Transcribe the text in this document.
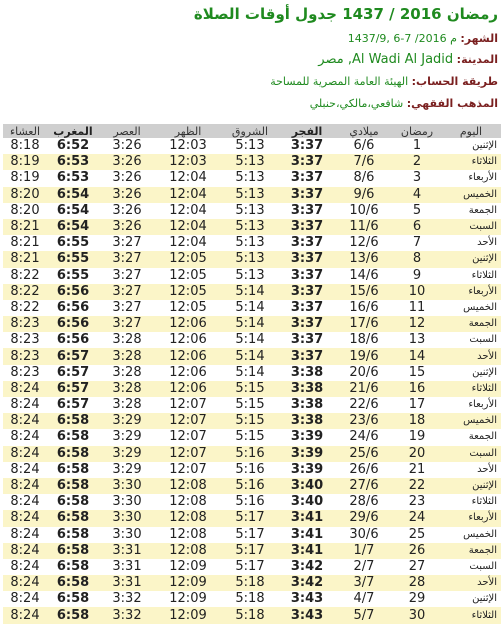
رمضان 2016 / 1437 جدول أوقات الصلاة
الشهر: 1437/9, 6-7 /2016 م
المدينة: Al Wadi Al Jadid, مصر
طريقة الحساب: الهيئة العامة المصرية للمساحة
المذهب الفقهي: شافعي،مالكي،حنبلي
اليوم	رمضان	ميلادي	الفجر	الشروق	الظهر	العصر	المغرب	العشاء
الإثنين	1	6/6	3:37	5:13	12:03	3:26	6:52	8:18
الثلاثاء	2	7/6	3:37	5:13	12:03	3:26	6:53	8:19
الأربعاء	3	8/6	3:37	5:13	12:04	3:26	6:53	8:19
الخميس	4	9/6	3:37	5:13	12:04	3:26	6:54	8:20
الجمعة	5	10/6	3:37	5:13	12:04	3:26	6:54	8:20
السبت	6	11/6	3:37	5:13	12:04	3:26	6:54	8:21
الأحد	7	12/6	3:37	5:13	12:04	3:27	6:55	8:21
الإثنين	8	13/6	3:37	5:13	12:05	3:27	6:55	8:21
الثلاثاء	9	14/6	3:37	5:13	12:05	3:27	6:55	8:22
الأربعاء	10	15/6	3:37	5:14	12:05	3:27	6:56	8:22
الخميس	11	16/6	3:37	5:14	12:05	3:27	6:56	8:22
الجمعة	12	17/6	3:37	5:14	12:06	3:27	6:56	8:23
السبت	13	18/6	3:37	5:14	12:06	3:28	6:56	8:23
الأحد	14	19/6	3:37	5:14	12:06	3:28	6:57	8:23
الإثنين	15	20/6	3:38	5:14	12:06	3:28	6:57	8:23
الثلاثاء	16	21/6	3:38	5:15	12:06	3:28	6:57	8:24
الأربعاء	17	22/6	3:38	5:15	12:07	3:28	6:57	8:24
الخميس	18	23/6	3:38	5:15	12:07	3:29	6:58	8:24
الجمعة	19	24/6	3:39	5:15	12:07	3:29	6:58	8:24
السبت	20	25/6	3:39	5:16	12:07	3:29	6:58	8:24
الأحد	21	26/6	3:39	5:16	12:07	3:29	6:58	8:24
الإثنين	22	27/6	3:40	5:16	12:08	3:30	6:58	8:24
الثلاثاء	23	28/6	3:40	5:16	12:08	3:30	6:58	8:24
الأربعاء	24	29/6	3:41	5:17	12:08	3:30	6:58	8:24
الخميس	25	30/6	3:41	5:17	12:08	3:30	6:58	8:24
الجمعة	26	1/7	3:41	5:17	12:08	3:31	6:58	8:24
السبت	27	2/7	3:42	5:17	12:09	3:31	6:58	8:24
الأحد	28	3/7	3:42	5:18	12:09	3:31	6:58	8:24
الإثنين	29	4/7	3:43	5:18	12:09	3:32	6:58	8:24
الثلاثاء	30	5/7	3:43	5:18	12:09	3:32	6:58	8:24
